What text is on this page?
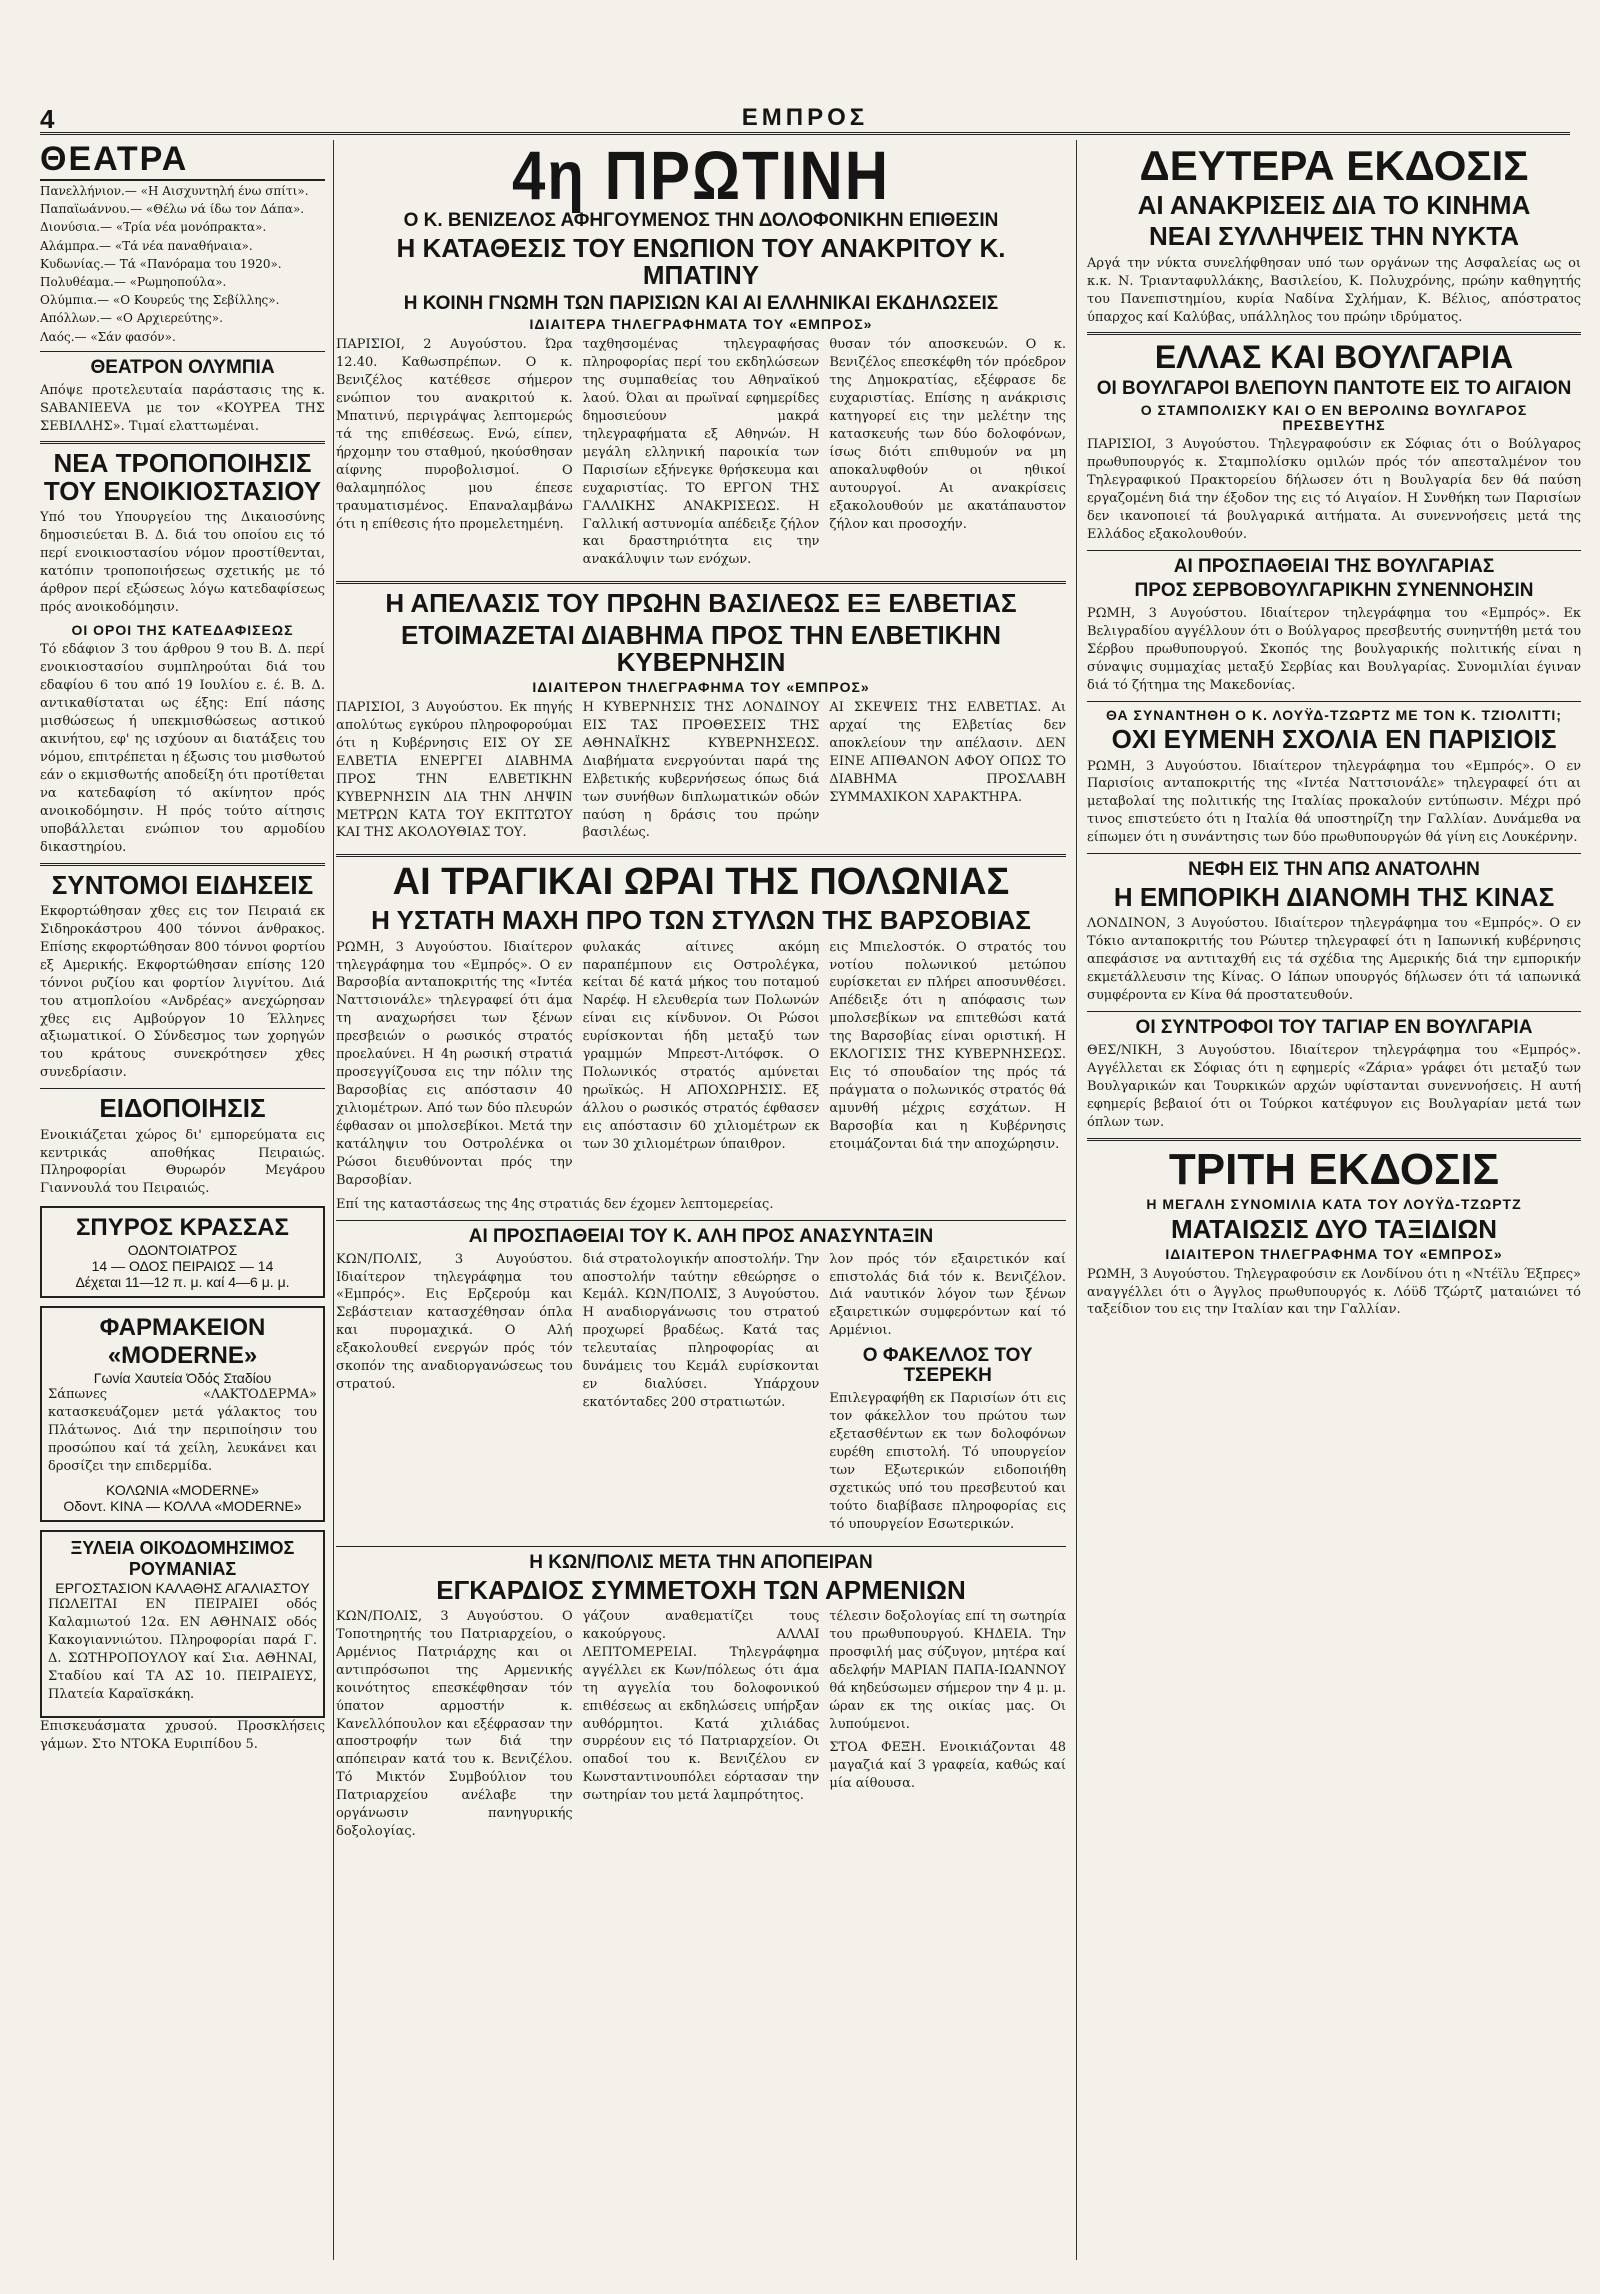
4	ΕΜΠΡΟΣ
ΘΕΑΤΡΑ

Πανελλήνιον.— «Η Αισχυντηλή ένω σπίτι».

Παπαϊωάννου.— «Θέλω νά ίδω τον Δάπα».

Διονύσια.— «Τρία νέα μονόπρακτα».

Αλάμπρα.— «Τά νέα παναθήναια».

Κυδωνίας.— Τά «Πανόραμα του 1920».

Πολυθέαμα.— «Ρωμηοπούλα».

Ολύμπια.— «Ο Κουρεύς της Σεβίλλης».

Απόλλων.— «Ο Αρχιερεύτης».

Λαός.— «Σάν φασόν».

ΘΕΑΤΡΟΝ ΟΛΥΜΠΙΑ

Απόψε προτελευταία παράστασις της κ. SABANIEEVA με τον «ΚΟΥΡΕΑ ΤΗΣ ΣΕΒΙΛΛΗΣ». Τιμαί ελαττωμέναι.

ΝΕΑ ΤΡΟΠΟΠΟΙΗΣΙΣ ΤΟΥ ΕΝΟΙΚΙΟΣΤΑΣΙΟΥ

Υπό του Υπουργείου της Δικαιοσύνης δημοσιεύεται Β. Δ. διά του οποίου εις τό περί ενοικιοστασίου νόμον προστίθενται, κατόπιν τροποποιήσεως σχετικής με τό άρθρον περί εξώσεως λόγω κατεδαφίσεως πρός ανοικοδόμησιν.

ΟΙ ΟΡΟΙ ΤΗΣ ΚΑΤΕΔΑΦΙΣΕΩΣ

Τό εδάφιον 3 του άρθρου 9 του Β. Δ. περί ενοικιοστασίου συμπληρούται διά του εδαφίου 6 του από 19 Ιουλίου ε. έ. Β. Δ. αντικαθίσταται ως έξης: Επί πάσης μισθώσεως ή υπεκμισθώσεως αστικού ακινήτου, εφ' ης ισχύουν αι διατάξεις του νόμου, επιτρέπεται η έξωσις του μισθωτού εάν ο εκμισθωτής αποδείξη ότι προτίθεται να κατεδαφίση τό ακίνητον πρός ανοικοδόμησιν. Η πρός τούτο αίτησις υποβάλλεται ενώπιον του αρμοδίου δικαστηρίου.

ΣΥΝΤΟΜΟΙ ΕΙΔΗΣΕΙΣ

Εκφορτώθησαν χθες εις τον Πειραιά εκ Σιδηροκάστρου 400 τόννοι άνθρακος. Επίσης εκφορτώθησαν 800 τόννοι φορτίου εξ Αμερικής. Εκφορτώθησαν επίσης 120 τόννοι ρυζίου και φορτίον λιγνίτου. Διά του ατμοπλοίου «Ανδρέας» ανεχώρησαν χθες εις Αμβούργον 10 Έλληνες αξιωματικοί. Ο Σύνδεσμος των χορηγών του κράτους συνεκρότησεν χθες συνεδρίασιν.

ΕΙΔΟΠΟΙΗΣΙΣ

Ενοικιάζεται χώρος δι' εμπορεύματα εις κεντρικάς αποθήκας Πειραιώς. Πληροφορίαι Θυρωρόν Μεγάρου Γιαννουλά του Πειραιώς.

ΣΠΥΡΟΣ ΚΡΑΣΣΑΣ
ΟΔΟΝΤΟΙΑΤΡΟΣ
14 — ΟΔΟΣ ΠΕΙΡΑΙΩΣ — 14
Δέχεται 11—12 π. μ. καί 4—6 μ. μ.
ΦΑΡΜΑΚΕΙΟΝ «MODERNE»
Γωνία Χαυτεία Όδός Σταδίου

Σάπωνες «ΛΑΚΤΟΔΕΡΜΑ» κατασκευάζομεν μετά γάλακτος του Πλάτωνος. Διά την περιποίησιν του προσώπου καί τά χείλη, λευκάνει και δροσίζει την επιδερμίδα.

ΚΟΛΩΝΙΑ «MODERNE»
Οδοντ. ΚΙΝΑ — ΚΟΛΛΑ «MODERNE»
ΞΥΛΕΙΑ ΟΙΚΟΔΟΜΗΣΙΜΟΣ ΡΟΥΜΑΝΙΑΣ
ΕΡΓΟΣΤΑΣΙΟΝ ΚΑΛΑΘΗΣ ΑΓΑΛΙΑΣΤΟΥ

ΠΩΛΕΙΤΑΙ ΕΝ ΠΕΙΡΑΙΕΙ οδός Καλαμιωτού 12α. ΕΝ ΑΘΗΝΑΙΣ οδός Κακογιαννιώτου. Πληροφορίαι παρά Γ. Δ. ΣΩΤΗΡΟΠΟΥΛΟΥ καί Σια. ΑΘΗΝΑΙ, Σταδίου καί ΤΑ ΑΣ 10. ΠΕΙΡΑΙΕΥΣ, Πλατεία Καραϊσκάκη.

Επισκευάσματα χρυσού. Προσκλήσεις γάμων. Στο ΝΤΟΚΑ Ευριπίδου 5.

4η ΠΡΩΤΙΝΗ
Ο Κ. ΒΕΝΙΖΕΛΟΣ ΑΦΗΓΟΥΜΕΝΟΣ ΤΗΝ ΔΟΛΟΦΟΝΙΚΗΝ ΕΠΙΘΕΣΙΝ
Η ΚΑΤΑΘΕΣΙΣ ΤΟΥ ΕΝΩΠΙΟΝ ΤΟΥ ΑΝΑΚΡΙΤΟΥ Κ. ΜΠΑΤΙΝΥ
Η ΚΟΙΝΗ ΓΝΩΜΗ ΤΩΝ ΠΑΡΙΣΙΩΝ ΚΑΙ ΑΙ ΕΛΛΗΝΙΚΑΙ ΕΚΔΗΛΩΣΕΙΣ
ΙΔΙΑΙΤΕΡΑ ΤΗΛΕΓΡΑΦΗΜΑΤΑ ΤΟΥ «ΕΜΠΡΟΣ»

ΠΑΡΙΣΙΟΙ, 2 Αυγούστου. Ώρα 12.40. Καθωσπρέπων. Ο κ. Βενιζέλος κατέθεσε σήμερον ενώπιον του ανακριτού κ. Μπατινύ, περιγράψας λεπτομερώς τά της επιθέσεως. Ενώ, είπεν, ήρχομην του σταθμού, ηκούσθησαν αίφνης πυροβολισμοί. Ο θαλαμηπόλος μου έπεσε τραυματισμένος. Επαναλαμβάνω ότι η επίθεσις ήτο προμελετημένη.

ταχθησομένας τηλεγραφήσας πληροφορίας περί του εκδηλώσεων της συμπαθείας του Αθηναϊκού λαού. Όλαι αι πρωϊναί εφημερίδες δημοσιεύουν μακρά τηλεγραφήματα εξ Αθηνών. Η μεγάλη ελληνική παροικία των Παρισίων εξήνεγκε θρήσκευμα και ευχαριστίας. ΤΟ ΕΡΓΟΝ ΤΗΣ ΓΑΛΛΙΚΗΣ ΑΝΑΚΡΙΣΕΩΣ. Η Γαλλική αστυνομία απέδειξε ζήλον και δραστηριότητα εις την ανακάλυψιν των ενόχων.

θυσαν τόν αποσκευών. Ο κ. Βενιζέλος επεσκέφθη τόν πρόεδρον της Δημοκρατίας, εξέφρασε δε ευχαριστίας. Επίσης η ανάκρισις κατηγορεί εις την μελέτην της κατασκευής των δύο δολοφόνων, ίσως διότι επιθυμούν να μη αποκαλυφθούν οι ηθικοί αυτουργοί. Αι ανακρίσεις εξακολουθούν με ακατάπαυστον ζήλον και προσοχήν.

Η ΑΠΕΛΑΣΙΣ ΤΟΥ ΠΡΩΗΝ ΒΑΣΙΛΕΩΣ ΕΞ ΕΛΒΕΤΙΑΣ
ΕΤΟΙΜΑΖΕΤΑΙ ΔΙΑΒΗΜΑ ΠΡΟΣ ΤΗΝ ΕΛΒΕΤΙΚΗΝ ΚΥΒΕΡΝΗΣΙΝ
ΙΔΙΑΙΤΕΡΟΝ ΤΗΛΕΓΡΑΦΗΜΑ ΤΟΥ «ΕΜΠΡΟΣ»

ΠΑΡΙΣΙΟΙ, 3 Αυγούστου. Εκ πηγής απολύτως εγκύρου πληροφορούμαι ότι η Κυβέρνησις ΕΙΣ ΟΥ ΣΕ ΕΛΒΕΤΙΑ ΕΝΕΡΓΕΙ ΔΙΑΒΗΜΑ ΠΡΟΣ ΤΗΝ ΕΛΒΕΤΙΚΗΝ ΚΥΒΕΡΝΗΣΙΝ ΔΙΑ ΤΗΝ ΛΗΨΙΝ ΜΕΤΡΩΝ ΚΑΤΑ ΤΟΥ ΕΚΠΤΩΤΟΥ ΚΑΙ ΤΗΣ ΑΚΟΛΟΥΘΙΑΣ ΤΟΥ.

Η ΚΥΒΕΡΝΗΣΙΣ ΤΗΣ ΛΟΝΔΙΝΟΥ ΕΙΣ ΤΑΣ ΠΡΟΘΕΣΕΙΣ ΤΗΣ ΑΘΗΝΑΪΚΗΣ ΚΥΒΕΡΝΗΣΕΩΣ. Διαβήματα ενεργούνται παρά της Ελβετικής κυβερνήσεως όπως διά των συνήθων διπλωματικών οδών παύση η δράσις του πρώην βασιλέως.

ΑΙ ΣΚΕΨΕΙΣ ΤΗΣ ΕΛΒΕΤΙΑΣ. Αι αρχαί της Ελβετίας δεν αποκλείουν την απέλασιν. ΔΕΝ ΕΙΝΕ ΑΠΙΘΑΝΟΝ ΑΦΟΥ ΟΠΩΣ ΤΟ ΔΙΑΒΗΜΑ ΠΡΟΣΛΑΒΗ ΣΥΜΜΑΧΙΚΟΝ ΧΑΡΑΚΤΗΡΑ.

ΑΙ ΤΡΑΓΙΚΑΙ ΩΡΑΙ ΤΗΣ ΠΟΛΩΝΙΑΣ
Η ΥΣΤΑΤΗ ΜΑΧΗ ΠΡΟ ΤΩΝ ΣΤΥΛΩΝ ΤΗΣ ΒΑΡΣΟΒΙΑΣ

ΡΩΜΗ, 3 Αυγούστου. Ιδιαίτερον τηλεγράφημα του «Εμπρός». Ο εν Βαρσοβία ανταποκριτής της «Ιντέα Ναττσιονάλε» τηλεγραφεί ότι άμα τη αναχωρήσει των ξένων πρεσβειών ο ρωσικός στρατός προελαύνει. Η 4η ρωσική στρατιά προσεγγίζουσα εις την πόλιν της Βαρσοβίας εις απόστασιν 40 χιλιομέτρων. Από των δύο πλευρών έφθασαν οι μπολσεβίκοι. Μετά την κατάληψιν του Οστρολένκα οι Ρώσοι διευθύνονται πρός την Βαρσοβίαν.

φυλακάς αίτινες ακόμη παραπέμπουν εις Οστρολέγκα, κείται δέ κατά μήκος του ποταμού Ναρέφ. Η ελευθερία των Πολωνών είναι εις κίνδυνον. Οι Ρώσοι ευρίσκονται ήδη μεταξύ των γραμμών Μπρεστ-Λιτόφσκ. Ο Πολωνικός στρατός αμύνεται ηρωϊκώς. Η ΑΠΟΧΩΡΗΣΙΣ. Εξ άλλου ο ρωσικός στρατός έφθασεν εις απόστασιν 60 χιλιομέτρων εκ των 30 χιλιομέτρων ύπαιθρον.

εις Μπιελοστόκ. Ο στρατός του νοτίου πολωνικού μετώπου ευρίσκεται εν πλήρει αποσυνθέσει. Απέδειξε ότι η απόφασις των μπολσεβίκων να επιτεθώσι κατά της Βαρσοβίας είναι οριστική. Η ΕΚΛΟΓΙΣΙΣ ΤΗΣ ΚΥΒΕΡΝΗΣΕΩΣ. Εις τό σπουδαίον της πρός τά πράγματα ο πολωνικός στρατός θά αμυνθή μέχρις εσχάτων. Η Βαρσοβία και η Κυβέρνησις ετοιμάζονται διά την αποχώρησιν.

Επί της καταστάσεως της 4ης στρατιάς δεν έχομεν λεπτομερείας.

ΑΙ ΠΡΟΣΠΑΘΕΙΑΙ ΤΟΥ Κ. ΑΛΗ ΠΡΟΣ ΑΝΑΣΥΝΤΑΞΙΝ

ΚΩΝ/ΠΟΛΙΣ, 3 Αυγούστου. Ιδιαίτερον τηλεγράφημα του «Εμπρός». Εις Ερζερούμ και Σεβάστειαν κατασχέθησαν όπλα και πυρομαχικά. Ο Αλή εξακολουθεί ενεργών πρός τόν σκοπόν της αναδιοργανώσεως του στρατού.

διά στρατολογικήν αποστολήν. Την αποστολήν ταύτην εθεώρησε ο Κεμάλ. ΚΩΝ/ΠΟΛΙΣ, 3 Αυγούστου. Η αναδιοργάνωσις του στρατού προχωρεί βραδέως. Κατά τας τελευταίας πληροφορίας αι δυνάμεις του Κεμάλ ευρίσκονται εν διαλύσει. Υπάρχουν εκατόνταδες 200 στρατιωτών.

λον πρός τόν εξαιρετικόν καί επιστολάς διά τόν κ. Βενιζέλον. Διά ναυτικόν λόγον των ξένων εξαιρετικών συμφερόντων καί τό Αρμένιοι.

Ο ΦΑΚΕΛΛΟΣ ΤΟΥ ΤΣΕΡΕΚΗ

Επιλεγραφήθη εκ Παρισίων ότι εις τον φάκελλον του πρώτου των εξετασθέντων εκ των δολοφόνων ευρέθη επιστολή. Τό υπουργείον των Εξωτερικών ειδοποιήθη σχετικώς υπό του πρεσβευτού και τούτο διαβίβασε πληροφορίας εις τό υπουργείον Εσωτερικών.

Η ΚΩΝ/ΠΟΛΙΣ ΜΕΤΑ ΤΗΝ ΑΠΟΠΕΙΡΑΝ
ΕΓΚΑΡΔΙΟΣ ΣΥΜΜΕΤΟΧΗ ΤΩΝ ΑΡΜΕΝΙΩΝ

ΚΩΝ/ΠΟΛΙΣ, 3 Αυγούστου. Ο Τοποτηρητής του Πατριαρχείου, ο Αρμένιος Πατριάρχης και οι αντιπρόσωποι της Αρμενικής κοινότητος επεσκέφθησαν τόν ύπατον αρμοστήν κ. Κανελλόπουλον και εξέφρασαν την αποστροφήν των διά την απόπειραν κατά του κ. Βενιζέλου. Τό Μικτόν Συμβούλιον του Πατριαρχείου ανέλαβε την οργάνωσιν πανηγυρικής δοξολογίας.

γάζουν αναθεματίζει τους κακούργους. ΑΛΛΑΙ ΛΕΠΤΟΜΕΡΕΙΑΙ. Τηλεγράφημα αγγέλλει εκ Κων/πόλεως ότι άμα τη αγγελία του δολοφονικού επιθέσεως αι εκδηλώσεις υπήρξαν αυθόρμητοι. Κατά χιλιάδας συρρέουν εις τό Πατριαρχείον. Οι οπαδοί του κ. Βενιζέλου εν Κωνσταντινουπόλει εόρτασαν την σωτηρίαν του μετά λαμπρότητος.

τέλεσιν δοξολογίας επί τη σωτηρία του πρωθυπουργού. ΚΗΔΕΙΑ. Την προσφιλή μας σύζυγον, μητέρα καί αδελφήν ΜΑΡΙΑΝ ΠΑΠΑ-ΙΩΑΝΝΟΥ θά κηδεύσωμεν σήμερον την 4 μ. μ. ώραν εκ της οικίας μας. Οι λυπούμενοι.

ΣΤΟΑ ΦΕΞΗ. Ενοικιάζονται 48 μαγαζιά καί 3 γραφεία, καθώς καί μία αίθουσα.

ΔΕΥΤΕΡΑ ΕΚΔΟΣΙΣ
ΑΙ ΑΝΑΚΡΙΣΕΙΣ ΔΙΑ ΤΟ ΚΙΝΗΜΑ
ΝΕΑΙ ΣΥΛΛΗΨΕΙΣ ΤΗΝ ΝΥΚΤΑ

Αργά την νύκτα συνελήφθησαν υπό των οργάνων της Ασφαλείας ως οι κ.κ. Ν. Τριανταφυλλάκης, Βασιλείου, Κ. Πολυχρόνης, πρώην καθηγητής του Πανεπιστημίου, κυρία Ναδίνα Σχλήμαν, Κ. Βέλιος, απόστρατος ύπαρχος καί Καλύβας, υπάλληλος του πρώην ιδρύματος.

ΕΛΛΑΣ ΚΑΙ ΒΟΥΛΓΑΡΙΑ
ΟΙ ΒΟΥΛΓΑΡΟΙ ΒΛΕΠΟΥΝ ΠΑΝΤΟΤΕ ΕΙΣ ΤΟ ΑΙΓΑΙΟΝ
Ο ΣΤΑΜΠΟΛΙΣΚΥ ΚΑΙ Ο ΕΝ ΒΕΡΟΛΙΝΩ ΒΟΥΛΓΑΡΟΣ ΠΡΕΣΒΕΥΤΗΣ

ΠΑΡΙΣΙΟΙ, 3 Αυγούστου. Τηλεγραφούσιν εκ Σόφιας ότι ο Βούλγαρος πρωθυπουργός κ. Σταμπολίσκυ ομιλών πρός τόν απεσταλμένον του Τηλεγραφικού Πρακτορείου δήλωσεν ότι η Βουλγαρία δεν θά παύση εργαζομένη διά την έξοδον της εις τό Αιγαίον. Η Συνθήκη των Παρισίων δεν ικανοποιεί τά βουλγαρικά αιτήματα. Αι συνεννοήσεις μετά της Ελλάδος εξακολουθούν.

ΑΙ ΠΡΟΣΠΑΘΕΙΑΙ ΤΗΣ ΒΟΥΛΓΑΡΙΑΣ
ΠΡΟΣ ΣΕΡΒΟΒΟΥΛΓΑΡΙΚΗΝ ΣΥΝΕΝΝΟΗΣΙΝ

ΡΩΜΗ, 3 Αυγούστου. Ιδιαίτερον τηλεγράφημα του «Εμπρός». Εκ Βελιγραδίου αγγέλλουν ότι ο Βούλγαρος πρεσβευτής συνηντήθη μετά του Σέρβου πρωθυπουργού. Σκοπός της βουλγαρικής πολιτικής είναι η σύναψις συμμαχίας μεταξύ Σερβίας και Βουλγαρίας. Συνομιλίαι έγιναν διά τό ζήτημα της Μακεδονίας.

ΘΑ ΣΥΝΑΝΤΗΘΗ Ο Κ. ΛΟΥΫΔ-ΤΖΩΡΤΖ ΜΕ ΤΟΝ Κ. ΤΖΙΟΛΙΤΤΙ;
ΟΧΙ ΕΥΜΕΝΗ ΣΧΟΛΙΑ ΕΝ ΠΑΡΙΣΙΟΙΣ

ΡΩΜΗ, 3 Αυγούστου. Ιδιαίτερον τηλεγράφημα του «Εμπρός». Ο εν Παρισίοις ανταποκριτής της «Ιντέα Ναττσιονάλε» τηλεγραφεί ότι αι μεταβολαί της πολιτικής της Ιταλίας προκαλούν εντύπωσιν. Μέχρι πρό τινος επιστεύετο ότι η Ιταλία θά υποστηρίζη την Γαλλίαν. Δυνάμεθα να είπωμεν ότι η συνάντησις των δύο πρωθυπουργών θά γίνη εις Λουκέρνην.

ΝΕΦΗ ΕΙΣ ΤΗΝ ΑΠΩ ΑΝΑΤΟΛΗΝ
Η ΕΜΠΟΡΙΚΗ ΔΙΑΝΟΜΗ ΤΗΣ ΚΙΝΑΣ

ΛΟΝΔΙΝΟΝ, 3 Αυγούστου. Ιδιαίτερον τηλεγράφημα του «Εμπρός». Ο εν Τόκιο ανταποκριτής του Ρώυτερ τηλεγραφεί ότι η Ιαπωνική κυβέρνησις απεφάσισε να αντιταχθή εις τά σχέδια της Αμερικής διά την εμπορικήν εκμετάλλευσιν της Κίνας. Ο Ιάπων υπουργός δήλωσεν ότι τά ιαπωνικά συμφέροντα εν Κίνα θά προστατευθούν.

ΟΙ ΣΥΝΤΡΟΦΟΙ ΤΟΥ ΤΑΓΙΑΡ ΕΝ ΒΟΥΛΓΑΡΙΑ

ΘΕΣ/ΝΙΚΗ, 3 Αυγούστου. Ιδιαίτερον τηλεγράφημα του «Εμπρός». Αγγέλλεται εκ Σόφιας ότι η εφημερίς «Ζάρια» γράφει ότι μεταξύ των Βουλγαρικών και Τουρκικών αρχών υφίστανται συνεννοήσεις. Η αυτή εφημερίς βεβαιοί ότι οι Τούρκοι κατέφυγον εις Βουλγαρίαν μετά των όπλων των.

ΤΡΙΤΗ ΕΚΔΟΣΙΣ
Η ΜΕΓΑΛΗ ΣΥΝΟΜΙΛΙΑ ΚΑΤΑ ΤΟΥ ΛΟΥΫΔ-ΤΖΩΡΤΖ
ΜΑΤΑΙΩΣΙΣ ΔΥΟ ΤΑΞΙΔΙΩΝ
ΙΔΙΑΙΤΕΡΟΝ ΤΗΛΕΓΡΑΦΗΜΑ ΤΟΥ «ΕΜΠΡΟΣ»

ΡΩΜΗ, 3 Αυγούστου. Τηλεγραφούσιν εκ Λονδίνου ότι η «Ντέϊλυ Έξπρες» αναγγέλλει ότι ο Άγγλος πρωθυπουργός κ. Λόϋδ Τζώρτζ ματαιώνει τό ταξείδιον του εις την Ιταλίαν και την Γαλλίαν.
